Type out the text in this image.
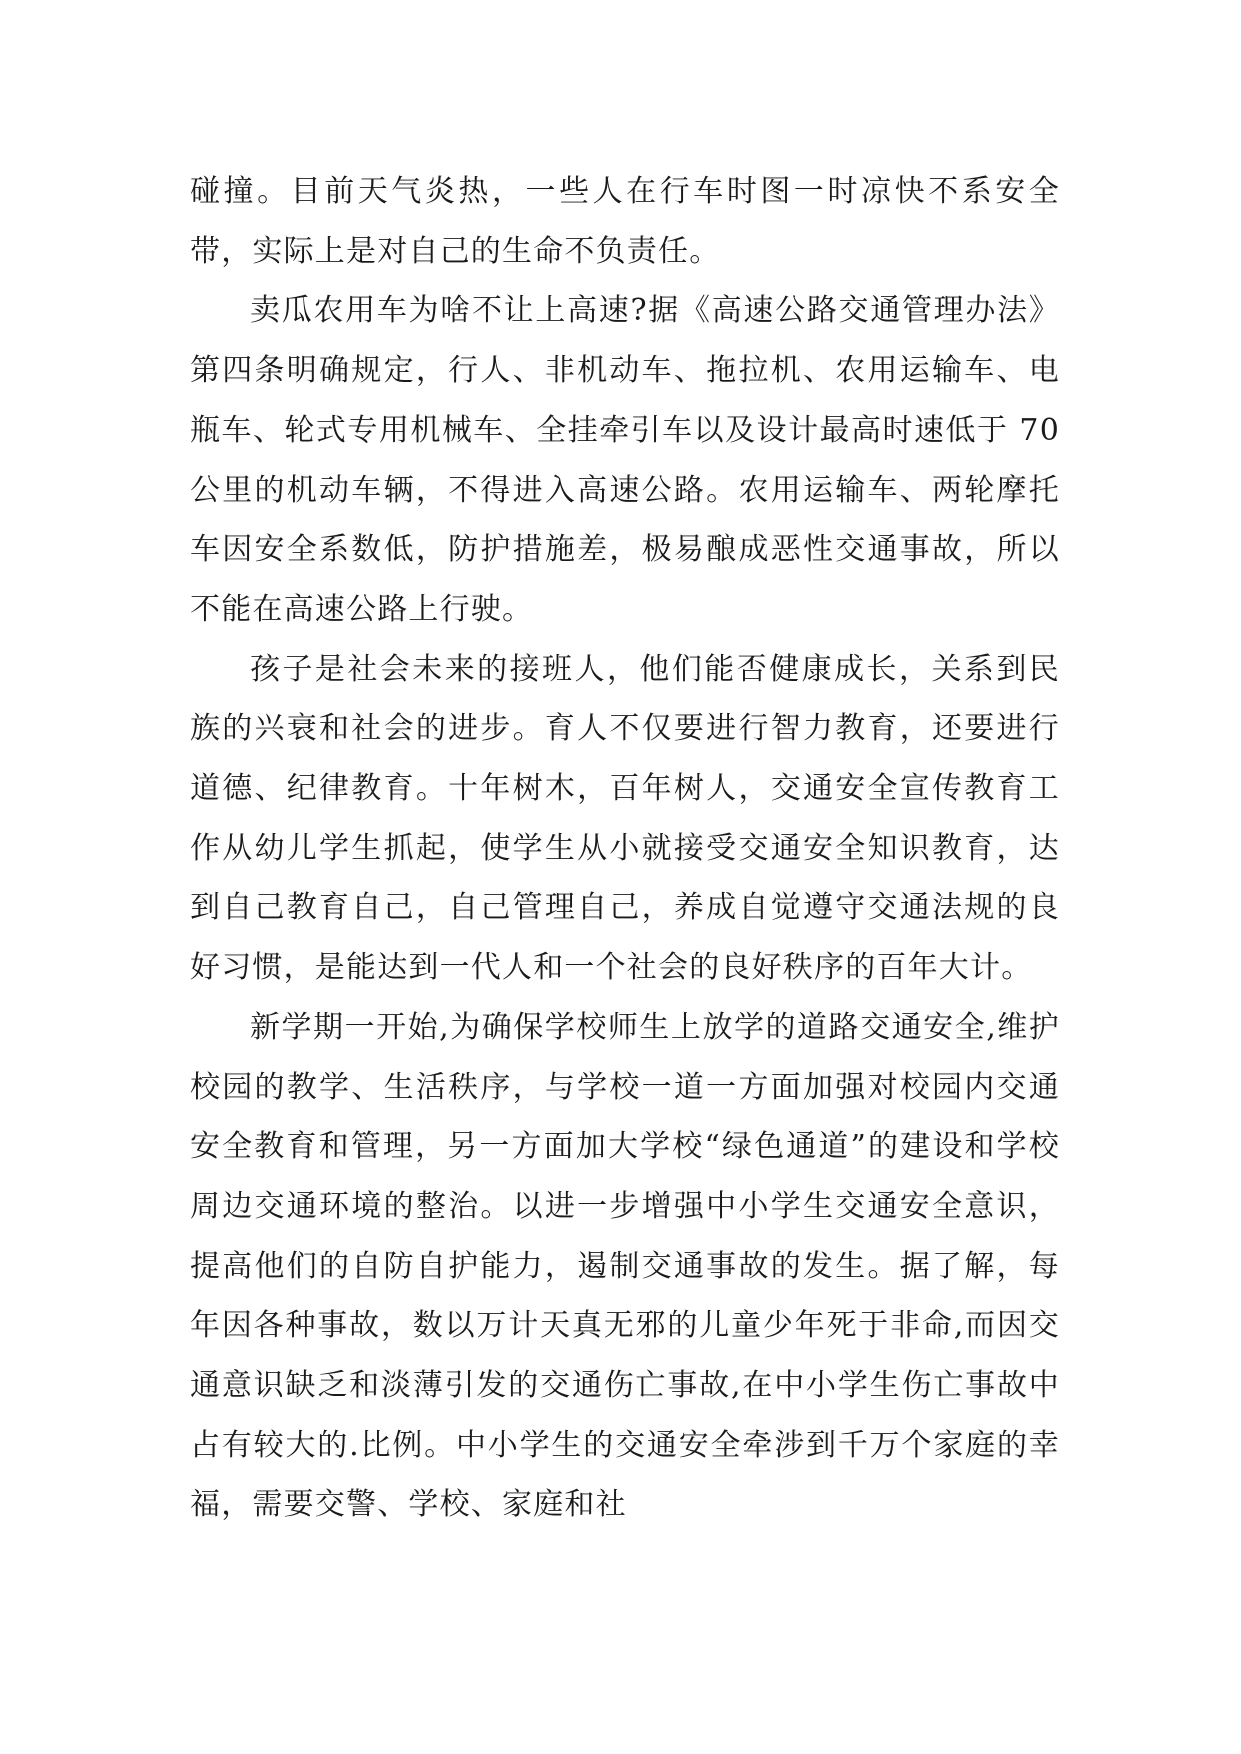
碰撞。目前天气炎热，一些人在行车时图一时凉快不系安全带，实际上是对自己的生命不负责任。

卖瓜农用车为啥不让上高速?据《高速公路交通管理办法》第四条明确规定，行人、非机动车、拖拉机、农用运输车、电瓶车、轮式专用机械车、全挂牵引车以及设计最高时速低于 70 公里的机动车辆，不得进入高速公路。农用运输车、两轮摩托车因安全系数低，防护措施差，极易酿成恶性交通事故，所以不能在高速公路上行驶。

孩子是社会未来的接班人，他们能否健康成长，关系到民族的兴衰和社会的进步。育人不仅要进行智力教育，还要进行道德、纪律教育。十年树木，百年树人，交通安全宣传教育工作从幼儿学生抓起，使学生从小就接受交通安全知识教育，达到自己教育自己，自己管理自己，养成自觉遵守交通法规的良好习惯，是能达到一代人和一个社会的良好秩序的百年大计。

新学期一开始,为确保学校师生上放学的道路交通安全,维护校园的教学、生活秩序，与学校一道一方面加强对校园内交通安全教育和管理，另一方面加大学校“绿色通道”的建设和学校周边交通环境的整治。以进一步增强中小学生交通安全意识，提高他们的自防自护能力，遏制交通事故的发生。据了解，每年因各种事故，数以万计天真无邪的儿童少年死于非命,而因交通意识缺乏和淡薄引发的交通伤亡事故,在中小学生伤亡事故中占有较大的.比例。中小学生的交通安全牵涉到千万个家庭的幸福，需要交警、学校、家庭和社
